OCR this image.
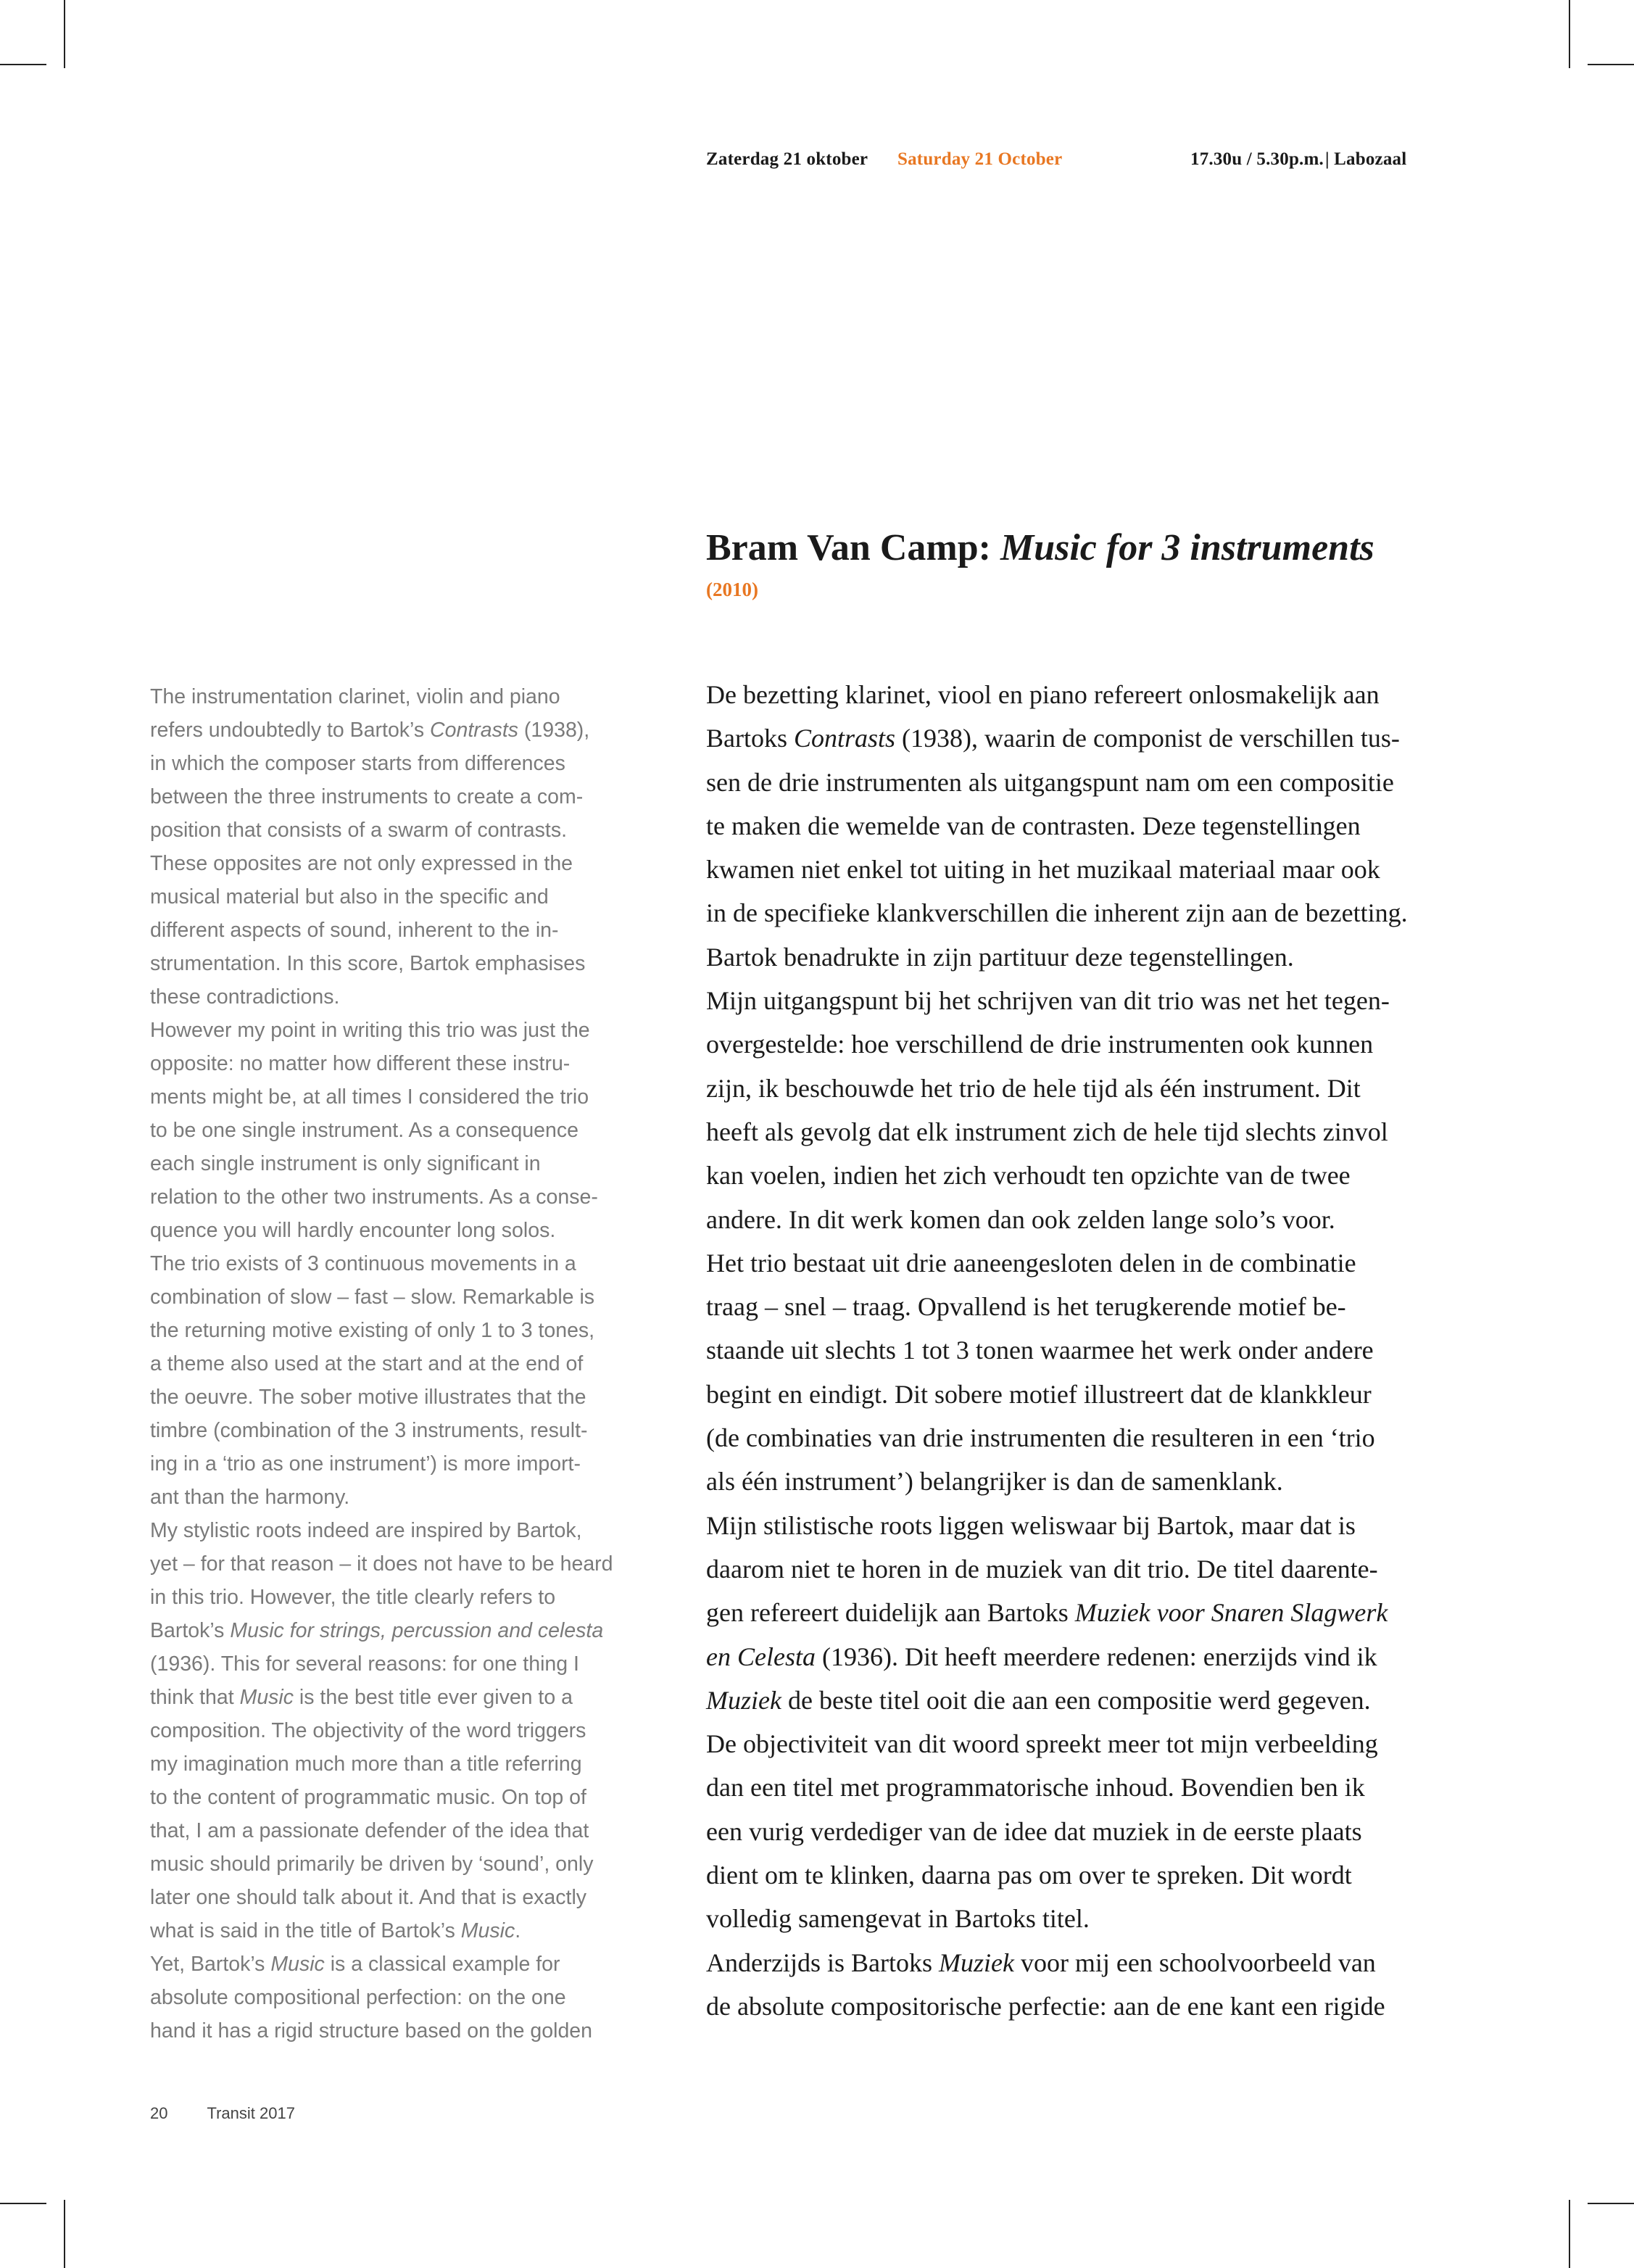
Zaterdag 21 oktober Saturday 21 October	17.30u / 5.30p.m. | Labozaal
Bram Van Camp: Music for 3 instruments
(2010)
The instrumentation clarinet, violin and piano
refers undoubtedly to Bartok’s Contrasts (1938),
in which the composer starts from differences
between the three instruments to create a com-
position that consists of a swarm of contrasts.
These opposites are not only expressed in the
musical material but also in the specific and
different aspects of sound, inherent to the in-
strumentation. In this score, Bartok emphasises
these contradictions.
However my point in writing this trio was just the
opposite: no matter how different these instru-
ments might be, at all times I considered the trio
to be one single instrument. As a consequence
each single instrument is only significant in
relation to the other two instruments. As a conse-
quence you will hardly encounter long solos.
The trio exists of 3 continuous movements in a
combination of slow – fast – slow. Remarkable is
the returning motive existing of only 1 to 3 tones,
a theme also used at the start and at the end of
the oeuvre. The sober motive illustrates that the
timbre (combination of the 3 instruments, result-
ing in a ‘trio as one instrument’) is more import-
ant than the harmony.
My stylistic roots indeed are inspired by Bartok,
yet – for that reason – it does not have to be heard
in this trio. However, the title clearly refers to
Bartok’s Music for strings, percussion and celesta
(1936). This for several reasons: for one thing I
think that Music is the best title ever given to a
composition. The objectivity of the word triggers
my imagination much more than a title referring
to the content of programmatic music. On top of
that, I am a passionate defender of the idea that
music should primarily be driven by ‘sound’, only
later one should talk about it. And that is exactly
what is said in the title of Bartok’s Music.
Yet, Bartok’s Music is a classical example for
absolute compositional perfection: on the one
hand it has a rigid structure based on the golden
De bezetting klarinet, viool en piano refereert onlosmakelijk aan
Bartoks Contrasts (1938), waarin de componist de verschillen tus-
sen de drie instrumenten als uitgangspunt nam om een compositie
te maken die wemelde van de contrasten. Deze tegenstellingen
kwamen niet enkel tot uiting in het muzikaal materiaal maar ook
in de specifieke klankverschillen die inherent zijn aan de bezetting.
Bartok benadrukte in zijn partituur deze tegenstellingen.
Mijn uitgangspunt bij het schrijven van dit trio was net het tegen-
overgestelde: hoe verschillend de drie instrumenten ook kunnen
zijn, ik beschouwde het trio de hele tijd als één instrument. Dit
heeft als gevolg dat elk instrument zich de hele tijd slechts zinvol
kan voelen, indien het zich verhoudt ten opzichte van de twee
andere. In dit werk komen dan ook zelden lange solo’s voor.
Het trio bestaat uit drie aaneengesloten delen in de combinatie
traag – snel – traag. Opvallend is het terugkerende motief be-
staande uit slechts 1 tot 3 tonen waarmee het werk onder andere
begint en eindigt. Dit sobere motief illustreert dat de klankkleur
(de combinaties van drie instrumenten die resulteren in een ‘trio
als één instrument’) belangrijker is dan de samenklank.
Mijn stilistische roots liggen weliswaar bij Bartok, maar dat is
daarom niet te horen in de muziek van dit trio. De titel daarente-
gen refereert duidelijk aan Bartoks Muziek voor Snaren Slagwerk
en Celesta (1936). Dit heeft meerdere redenen: enerzijds vind ik
Muziek de beste titel ooit die aan een compositie werd gegeven.
De objectiviteit van dit woord spreekt meer tot mijn verbeelding
dan een titel met programmatorische inhoud. Bovendien ben ik
een vurig verdediger van de idee dat muziek in de eerste plaats
dient om te klinken, daarna pas om over te spreken. Dit wordt
volledig samengevat in Bartoks titel.
Anderzijds is Bartoks Muziek voor mij een schoolvoorbeeld van
de absolute compositorische perfectie: aan de ene kant een rigide
20 Transit 2017
